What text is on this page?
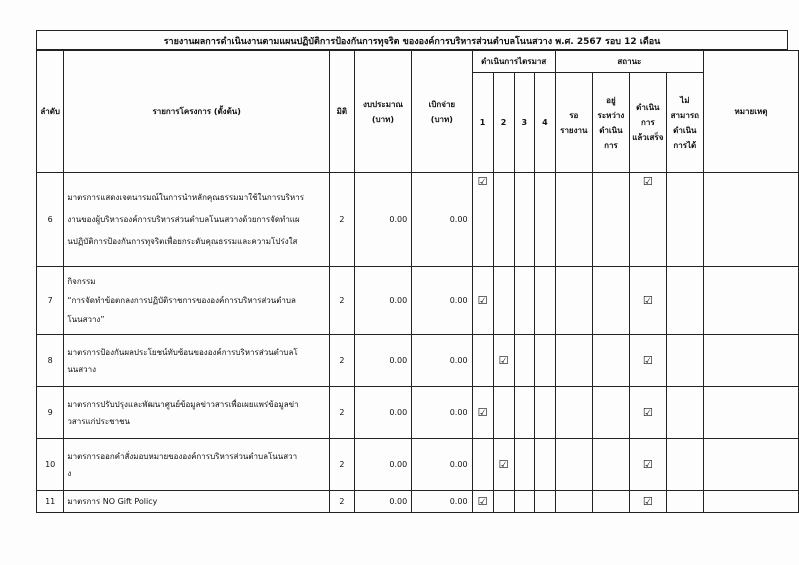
รายงานผลการดำเนินงานตามแผนปฏิบัติการป้องกันการทุจริต ขององค์การบริหารส่วนตำบลโนนสวาง พ.ศ. 2567 รอบ 12 เดือน
ลำดับ	รายการโครงการ (ตั้งต้น)	มิติ	งบประมาณ
(บาท)	เบิกจ่าย
(บาท)	ดำเนินการไตรมาส				สถานะ				หมายเหตุ
					1	2	3	4	รอ
รายงาน	อยู่
ระหว่าง
ดำเนิน
การ	ดำเนิน
การ
แล้วเสร็จ	ไม่
สามารถ
ดำเนิน
การได้	

6	มาตรการแสดงเจตนารมณ์ในการนำหลักคุณธรรมมาใช้ในการบริหาร
งานของผู้บริหารองค์การบริหารส่วนตำบลโนนสวางด้วยการจัดทำแผ
นปฏิบัติการป้องกันการทุจริตเพื่อยกระดับคุณธรรมและความโปร่งใส	2	0.00	0.00	☑						☑		
7	กิจกรรม
“การจัดทำข้อตกลงการปฏิบัติราชการขององค์การบริหารส่วนตำบล
โนนสวาง”	2	0.00	0.00	☑						☑		
8	มาตรการป้องกันผลประโยชน์ทับซ้อนขององค์การบริหารส่วนตำบลโ
นนสวาง	2	0.00	0.00		☑					☑		
9	มาตรการปรับปรุงและพัฒนาศูนย์ข้อมูลข่าวสารเพื่อเผยแพร่ข้อมูลข่า
วสารแก่ประชาชน	2	0.00	0.00	☑						☑		
10	มาตรการออกคำสั่งมอบหมายขององค์การบริหารส่วนตำบลโนนสวา
ง	2	0.00	0.00		☑					☑		
11	มาตรการ NO Gift Policy	2	0.00	0.00	☑						☑		
